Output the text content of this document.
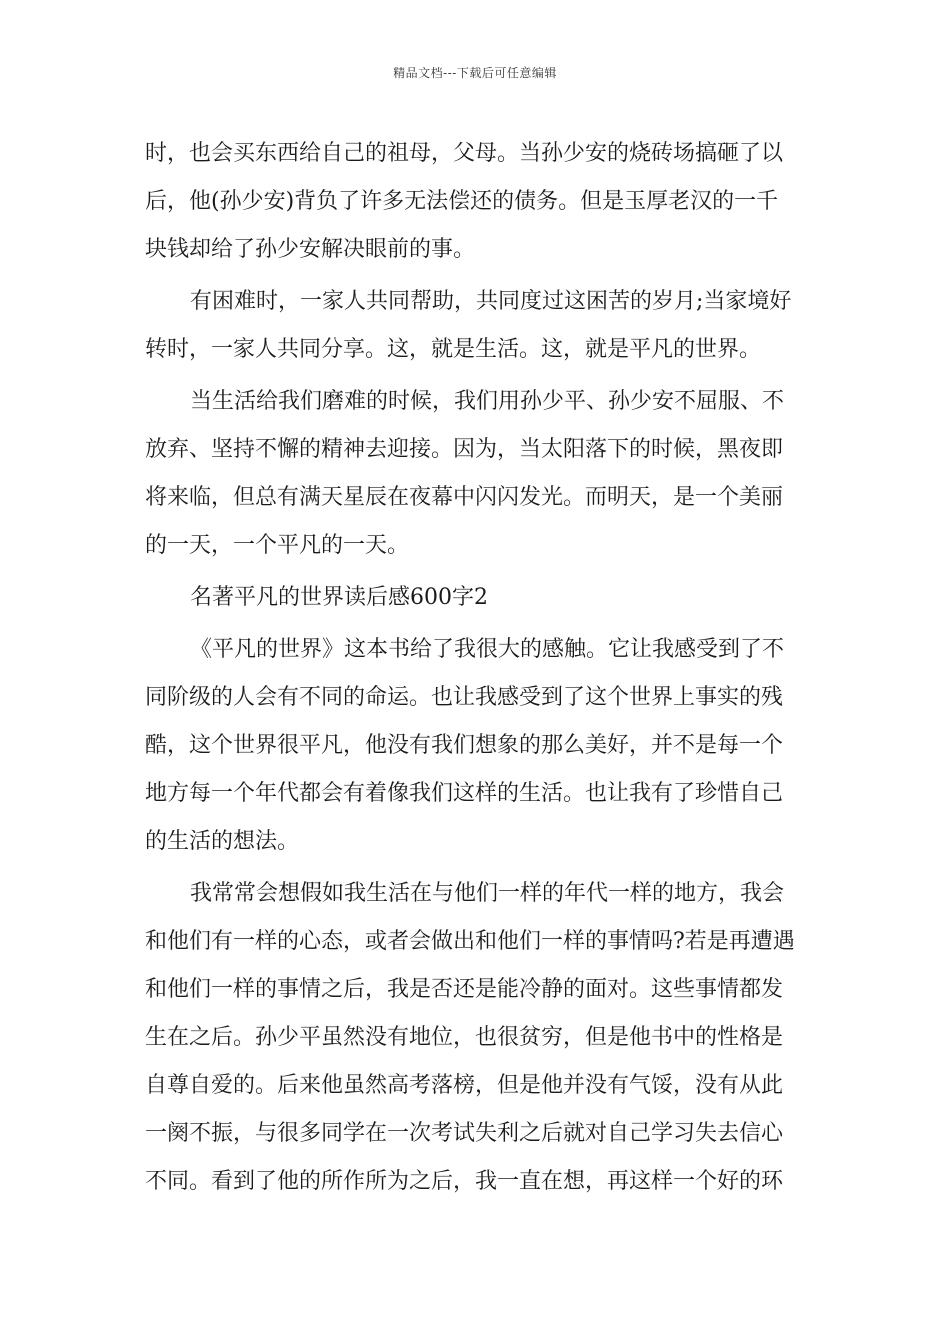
精品文档---下载后可任意编辑
时，也会买东西给自己的祖母，父母。当孙少安的烧砖场搞砸了以
后，他(孙少安)背负了许多无法偿还的债务。但是玉厚老汉的一千
块钱却给了孙少安解决眼前的事。
有困难时，一家人共同帮助，共同度过这困苦的岁月;当家境好
转时，一家人共同分享。这，就是生活。这，就是平凡的世界。
当生活给我们磨难的时候，我们用孙少平、孙少安不屈服、不
放弃、坚持不懈的精神去迎接。因为，当太阳落下的时候，黑夜即
将来临，但总有满天星辰在夜幕中闪闪发光。而明天，是一个美丽
的一天，一个平凡的一天。
名著平凡的世界读后感600字2
《平凡的世界》这本书给了我很大的感触。它让我感受到了不
同阶级的人会有不同的命运。也让我感受到了这个世界上事实的残
酷，这个世界很平凡，他没有我们想象的那么美好，并不是每一个
地方每一个年代都会有着像我们这样的生活。也让我有了珍惜自己
的生活的想法。
我常常会想假如我生活在与他们一样的年代一样的地方，我会
和他们有一样的心态，或者会做出和他们一样的事情吗?若是再遭遇
和他们一样的事情之后，我是否还是能冷静的面对。这些事情都发
生在之后。孙少平虽然没有地位，也很贫穷，但是他书中的性格是
自尊自爱的。后来他虽然高考落榜，但是他并没有气馁，没有从此
一阕不振，与很多同学在一次考试失利之后就对自己学习失去信心
不同。看到了他的所作所为之后，我一直在想，再这样一个好的环
